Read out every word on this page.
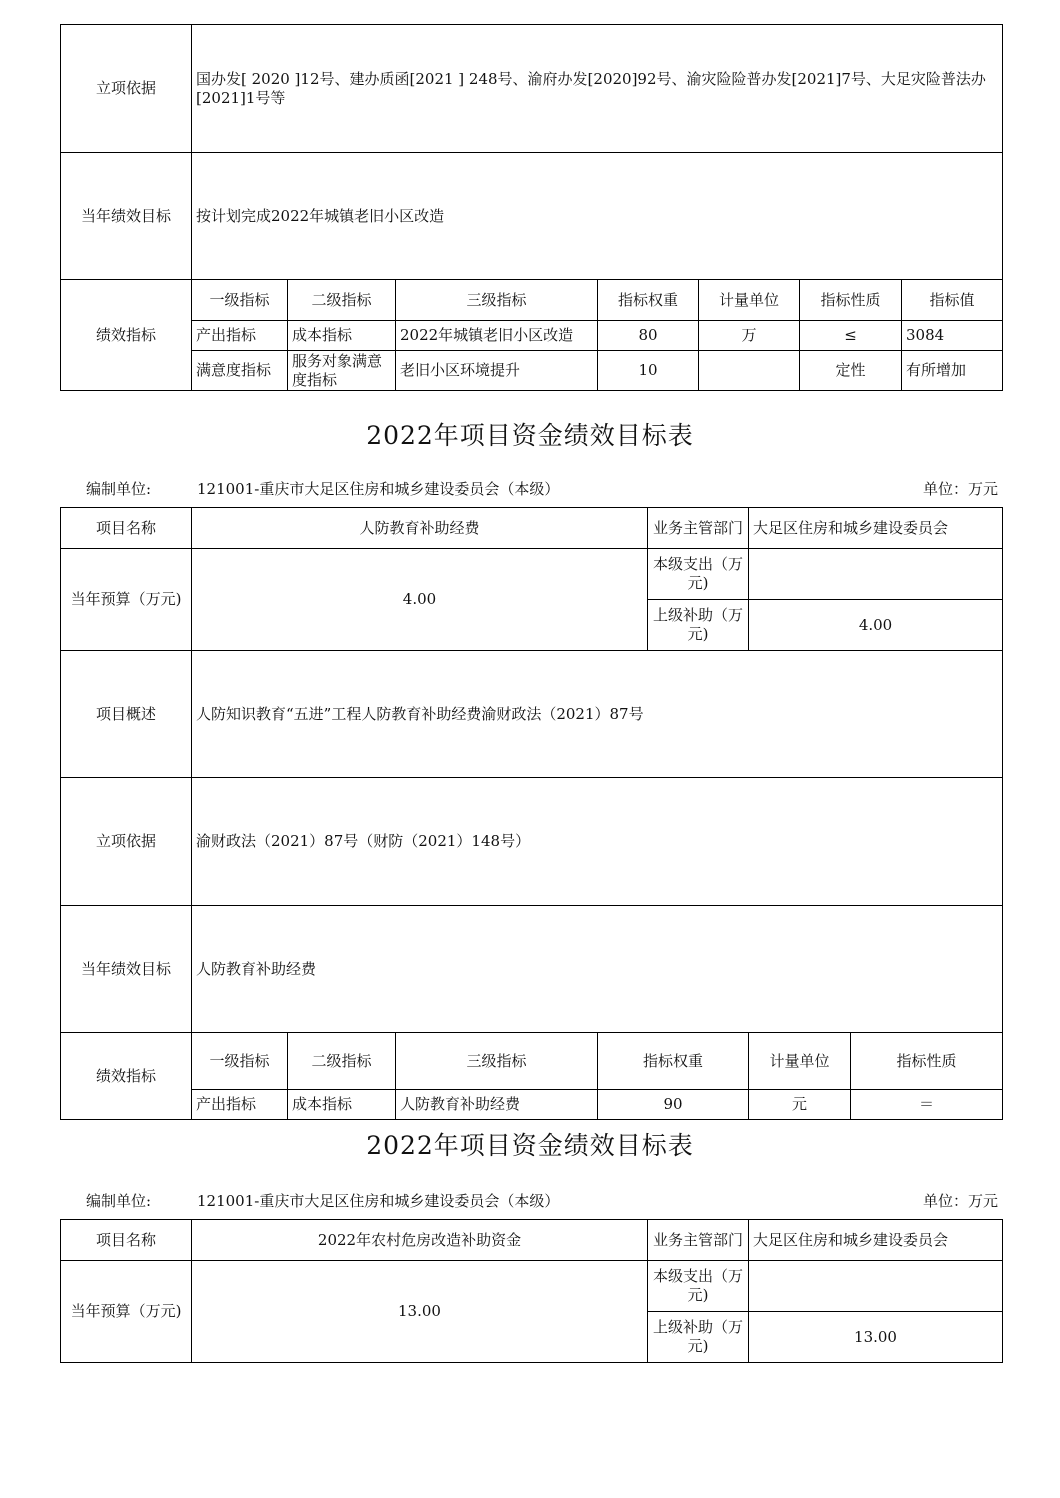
立项依据	国办发[ 2020 ]12号、建办质函[2021 ] 248号、渝府办发[2020]92号、渝灾险险普办发[2021]7号、大足灾险普法办[2021]1号等						
当年绩效目标	按计划完成2022年城镇老旧小区改造						
绩效指标	一级指标	二级指标	三级指标	指标权重	计量单位	指标性质	指标值
	产出指标	成本指标	2022年城镇老旧小区改造	80	万	≤	3084
	满意度指标	服务对象满意度指标	老旧小区环境提升	10		定性	有所增加
2022年项目资金绩效目标表
编制单位:	121001-重庆市大足区住房和城乡建设委员会（本级）	单位：万元
项目名称	人防教育补助经费				业务主管部门	大足区住房和城乡建设委员会		
当年预算（万元)	4.00				本级支出（万元)			
					上级补助（万元)	4.00		
项目概述	人防知识教育“五进”工程人防教育补助经费渝财政法（2021）87号							
立项依据	渝财政法（2021）87号（财防（2021）148号）							
当年绩效目标	人防教育补助经费							
绩效指标	一级指标	二级指标	三级指标	指标权重		计量单位	指标性质	
	产出指标	成本指标	人防教育补助经费	90		元	＝	
2022年项目资金绩效目标表
编制单位:	121001-重庆市大足区住房和城乡建设委员会（本级）	单位：万元
项目名称	2022年农村危房改造补助资金	业务主管部门	大足区住房和城乡建设委员会
当年预算（万元)	13.00	本级支出（万元)	
		上级补助（万元)	13.00
